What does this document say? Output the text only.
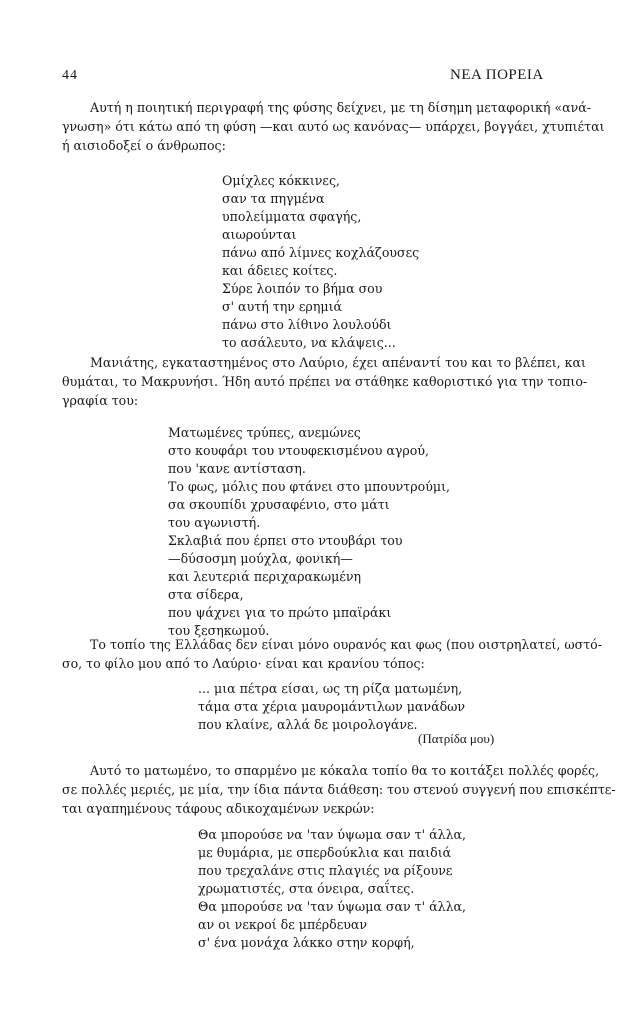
44	ΝΕΑ ΠΟΡΕΙΑ
Αυτή η ποιητική περιγραφή της φύσης δείχνει, με τη δίσημη μεταφορική «ανά-
γνωση» ότι κάτω από τη φύση —και αυτό ως κανόνας— υπάρχει, βογγάει, χτυπιέται
ή αισιοδοξεί ο άνθρωπος:
Ομίχλες κόκκινες,
σαν τα πηγμένα
υπολείμματα σφαγής,
αιωρούνται
πάνω από λίμνες κοχλάζουσες
και άδειες κοίτες.
Σύρε λοιπόν το βήμα σου
σ' αυτή την ερημιά
πάνω στο λίθινο λουλούδι
το ασάλευτο, να κλάψεις...
Μανιάτης, εγκαταστημένος στο Λαύριο, έχει απέναντί του και το βλέπει, και
θυμάται, το Μακρυνήσι. Ήδη αυτό πρέπει να στάθηκε καθοριστικό για την τοπιο-
γραφία του:
Ματωμένες τρύπες, ανεμώνες
στο κουφάρι του ντουφεκισμένου αγρού,
που 'κανε αντίσταση.
Το φως, μόλις που φτάνει στο μπουντρούμι,
σα σκουπίδι χρυσαφένιο, στο μάτι
του αγωνιστή.
Σκλαβιά που έρπει στο ντουβάρι του
—δύσοσμη μούχλα, φονική—
και λευτεριά περιχαρακωμένη
στα σίδερα,
που ψάχνει για το πρώτο μπαϊράκι
του ξεσηκωμού.
Το τοπίο της Ελλάδας δεν είναι μόνο ουρανός και φως (που οιστρηλατεί, ωστό-
σο, το φίλο μου από το Λαύριο· είναι και κρανίου τόπος:
... μια πέτρα είσαι, ως τη ρίζα ματωμένη,
τάμα στα χέρια μαυρομάντιλων μανάδων
που κλαίνε, αλλά δε μοιρολογάνε.
(Πατρίδα μου)
Αυτό το ματωμένο, το σπαρμένο με κόκαλα τοπίο θα το κοιτάξει πολλές φορές,
σε πολλές μεριές, με μία, την ίδια πάντα διάθεση: του στενού συγγενή που επισκέπτε-
ται αγαπημένους τάφους αδικοχαμένων νεκρών:
Θα μπορούσε να 'ταν ύψωμα σαν τ' άλλα,
με θυμάρια, με σπερδούκλια και παιδιά
που τρεχαλάνε στις πλαγιές να ρίξουνε
χρωματιστές, στα όνειρα, σαΐτες.
Θα μπορούσε να 'ταν ύψωμα σαν τ' άλλα,
αν οι νεκροί δε μπέρδευαν
σ' ένα μονάχα λάκκο στην κορφή,
